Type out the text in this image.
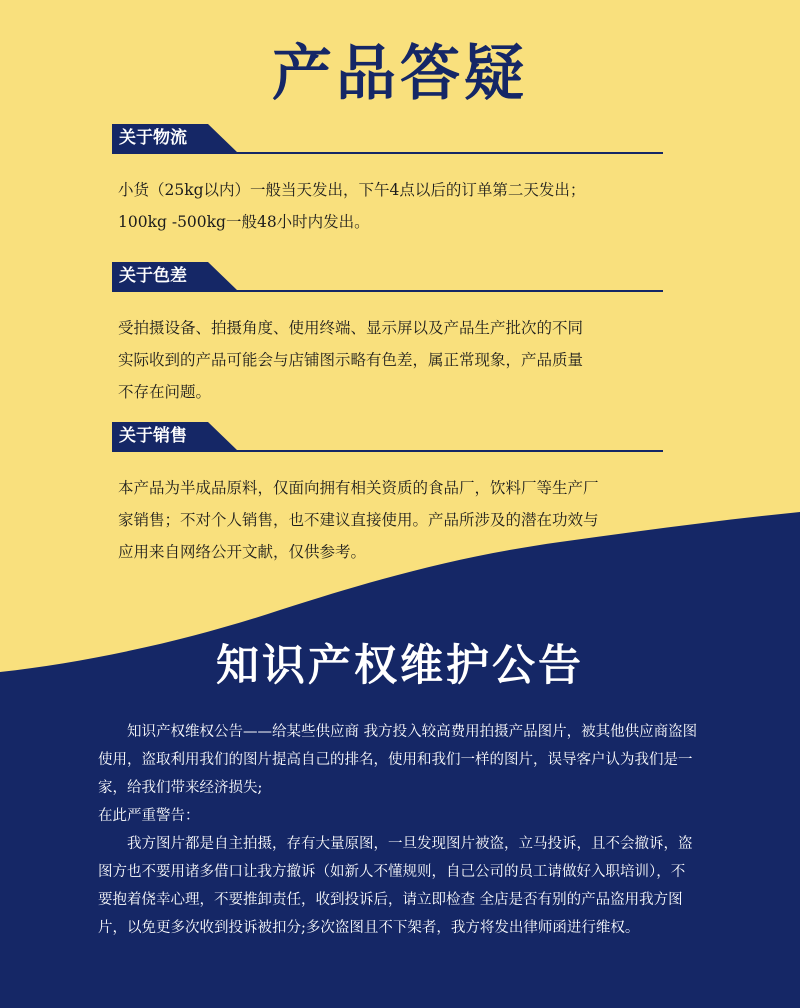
产品答疑
关于物流

小货（25kg以内）一般当天发出，下午4点以后的订单第二天发出；

100kg -500kg一般48小时内发出。

关于色差

受拍摄设备、拍摄角度、使用终端、显示屏以及产品生产批次的不同

实际收到的产品可能会与店铺图示略有色差，属正常现象，产品质量

不存在问题。

关于销售

本产品为半成品原料，仅面向拥有相关资质的食品厂，饮料厂等生产厂

家销售；不对个人销售，也不建议直接使用。产品所涉及的潜在功效与

应用来自网络公开文献，仅供参考。

知识产权维护公告

知识产权维权公告——给某些供应商 我方投入较高费用拍摄产品图片，被其他供应商盗图使用，盗取利用我们的图片提高自己的排名，使用和我们一样的图片，误导客户认为我们是一家，给我们带来经济损失;

在此严重警告：

我方图片都是自主拍摄，存有大量原图，一旦发现图片被盗，立马投诉，且不会撤诉，盗图方也不要用诸多借口让我方撤诉（如新人不懂规则，自己公司的员工请做好入职培训），不要抱着侥幸心理，不要推卸责任，收到投诉后，请立即检查 全店是否有别的产品盗用我方图片，以免更多次收到投诉被扣分;多次盗图且不下架者，我方将发出律师函进行维权。
